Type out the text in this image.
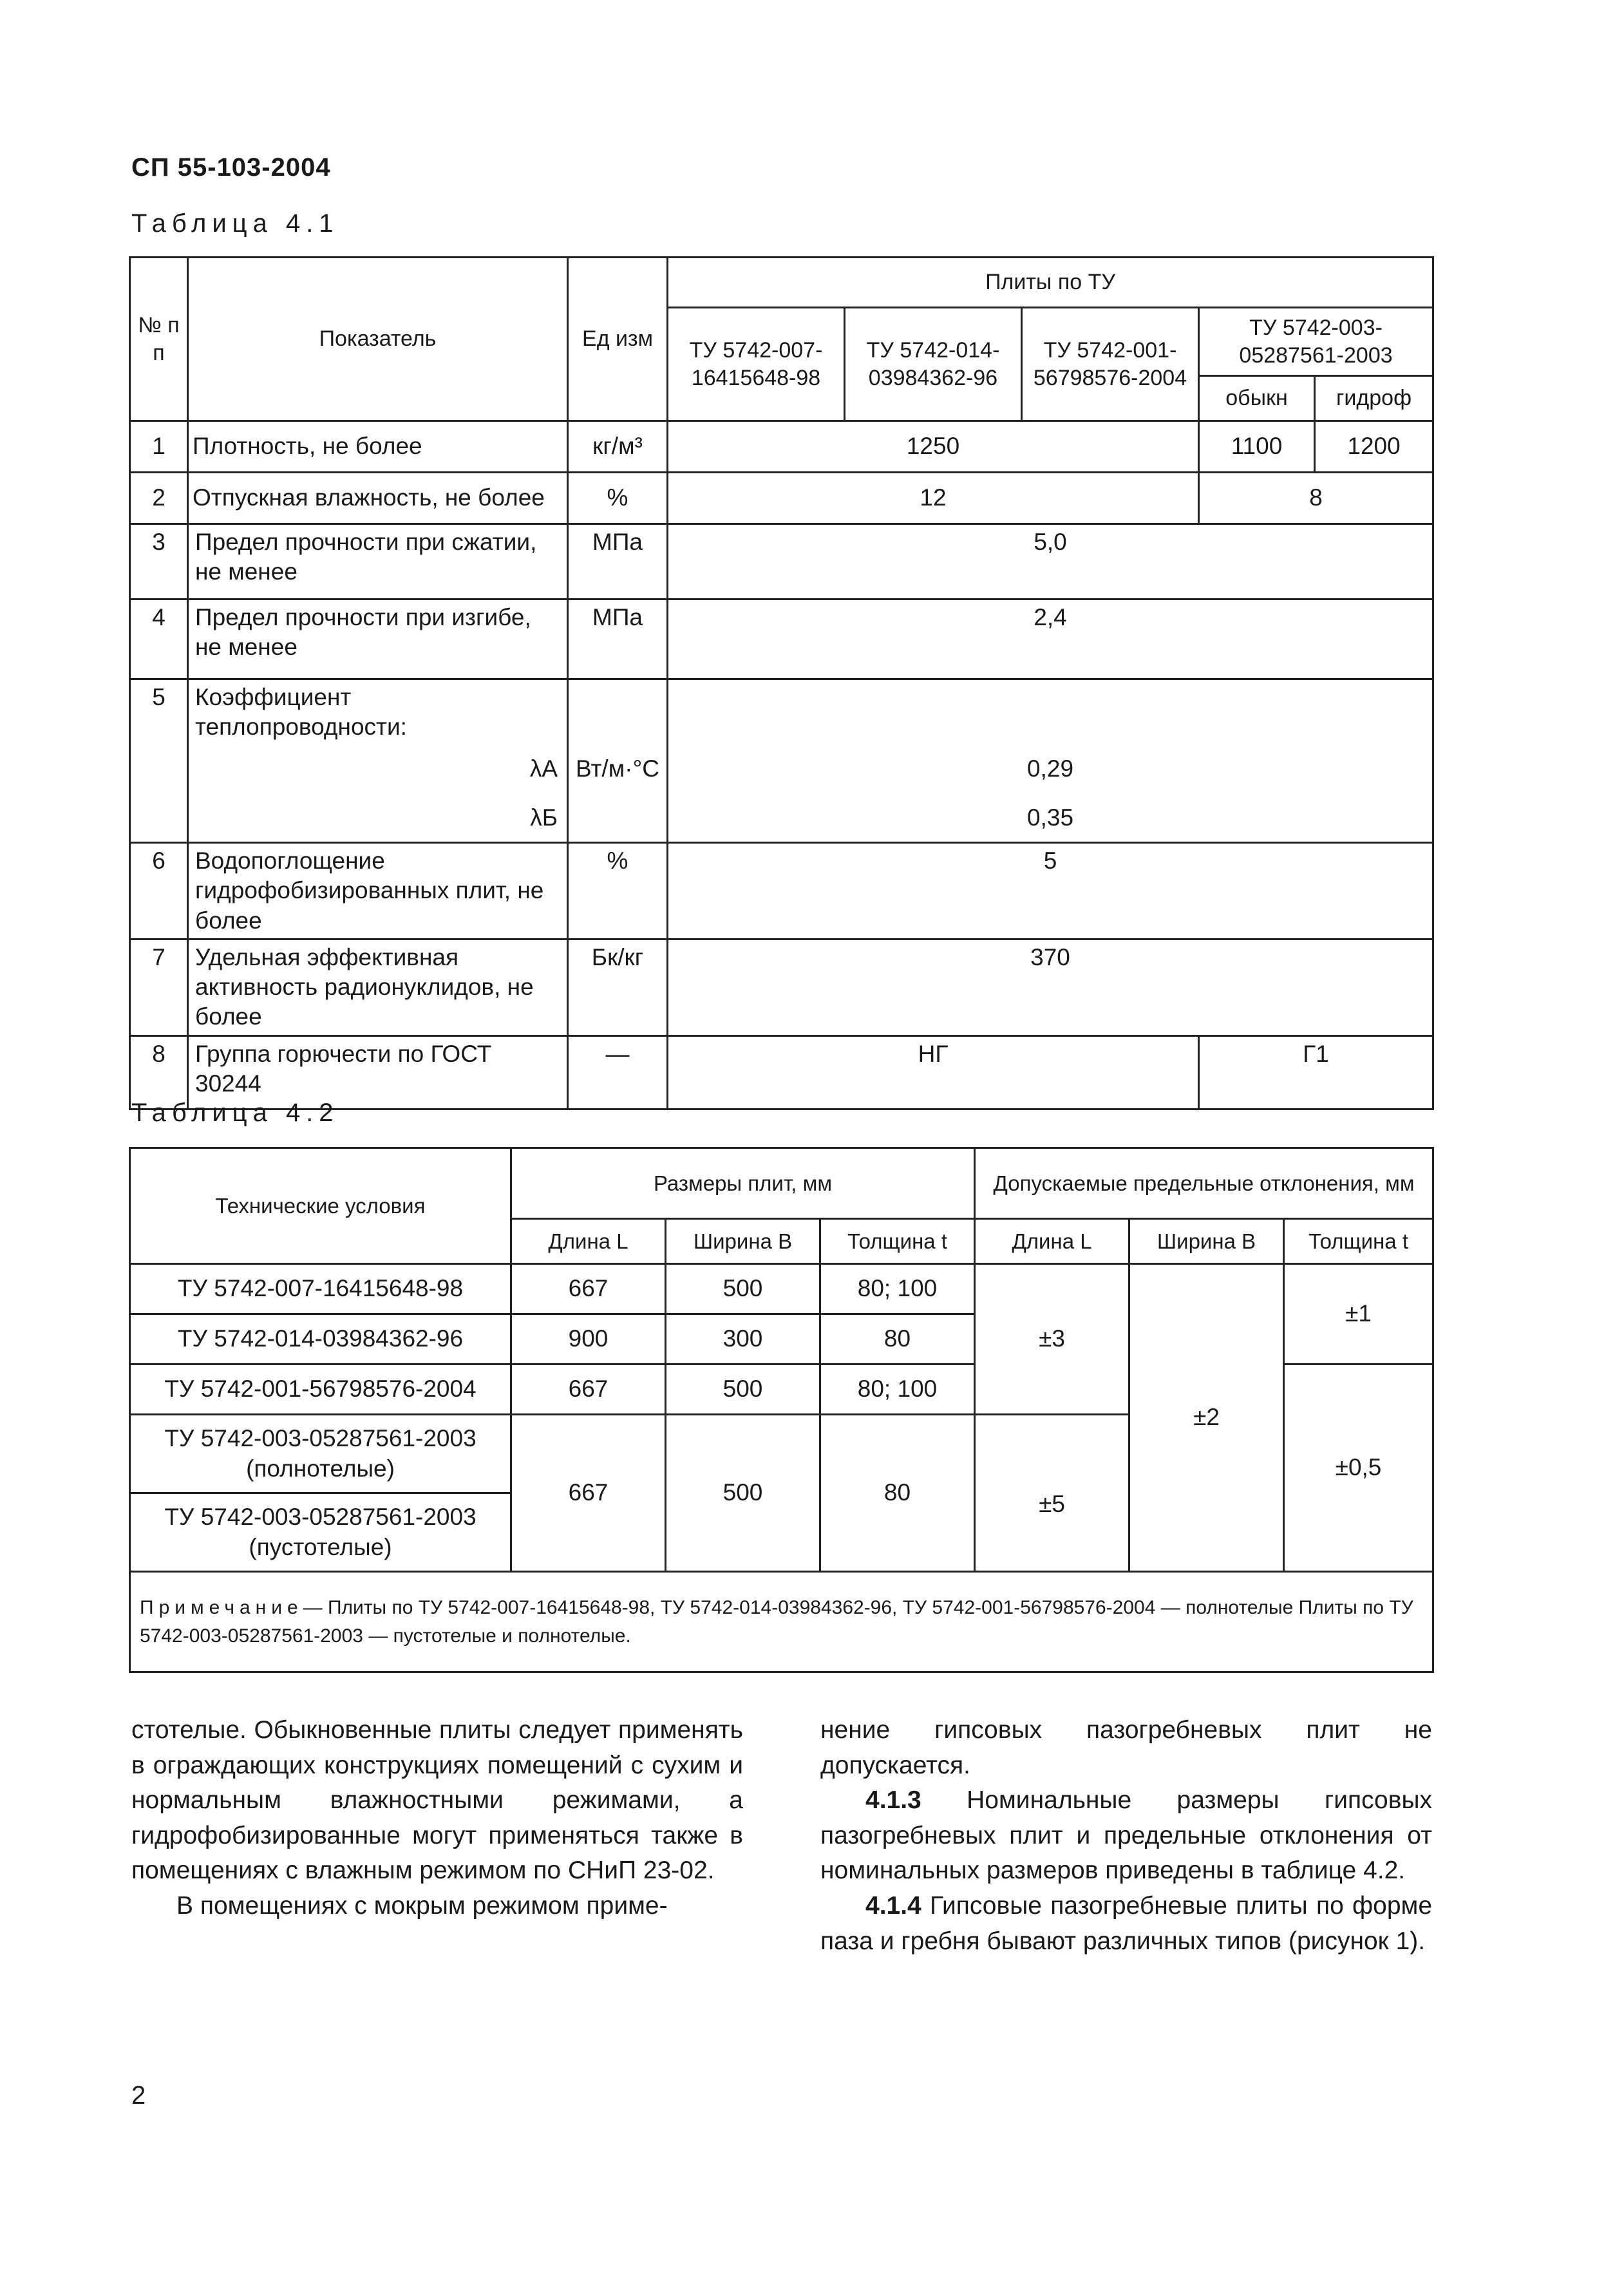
СП 55-103-2004
Таблица 4.1
№ п п	Показатель	Ед изм	Плиты по ТУ				
			ТУ 5742-007-16415648-98	ТУ 5742-014-03984362-96	ТУ 5742-001-56798576-2004	ТУ 5742-003-05287561-2003	
						обыкн	гидроф
1	Плотность, не более	кг/м³	1250			1100	1200
2	Отпускная влажность, не более	%	12			8	
3	Предел прочности при сжатии, не менее	МПа	5,0				
4	Предел прочности при изгибе, не менее	МПа	2,4				
5	Коэффициент теплопроводности:						
	λА	Вт/м·°С	0,29				
	λБ		0,35				
6	Водопоглощение гидрофобизированных плит, не более	%	5				
7	Удельная эффективная активность радионуклидов, не более	Бк/кг	370				
8	Группа горючести по ГОСТ 30244	—	НГ			Г1	
Таблица 4.2
Технические условия	Размеры плит, мм			Допускаемые предельные отклонения, мм		
	Длина L	Ширина B	Толщина t	Длина L	Ширина B	Толщина t
ТУ 5742-007-16415648-98	667	500	80; 100	±3	±2	±1
ТУ 5742-014-03984362-96	900	300	80			
ТУ 5742-001-56798576-2004	667	500	80; 100			±0,5
ТУ 5742-003-05287561-2003 (полнотелые)	667	500	80	±5		
ТУ 5742-003-05287561-2003 (пустотелые)						
Примечание— Плиты по ТУ 5742-007-16415648-98, ТУ 5742-014-03984362-96, ТУ 5742-001-56798576-2004 — полнотелые Плиты по ТУ 5742-003-05287561-2003 — пустотелые и полнотелые.						

стотелые. Обыкновенные плиты следует применять в ограждающих конструкциях помещений с сухим и нормальным влажностными режимами, а гидрофобизированные могут применяться также в помещениях с влажным режимом по СНиП 23-02.

В помещениях с мокрым режимом приме-

нение гипсовых пазогребневых плит не допускается.

4.1.3 Номинальные размеры гипсовых пазогребневых плит и предельные отклонения от номинальных размеров приведены в таблице 4.2.

4.1.4 Гипсовые пазогребневые плиты по форме паза и гребня бывают различных типов (рисунок 1).

2
